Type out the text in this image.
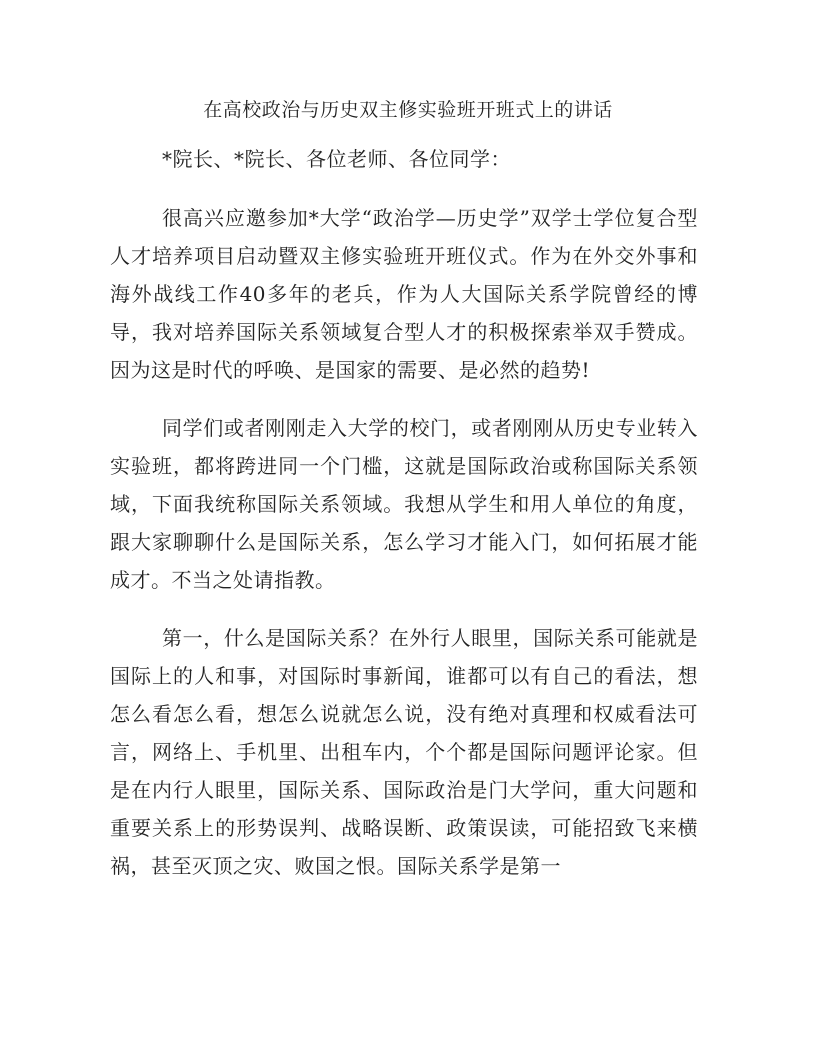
在高校政治与历史双主修实验班开班式上的讲话

*院长、*院长、各位老师、各位同学：

很高兴应邀参加*大学“政治学—历史学”双学士学位复合型人才培养项目启动暨双主修实验班开班仪式。作为在外交外事和海外战线工作40多年的老兵，作为人大国际关系学院曾经的博导，我对培养国际关系领域复合型人才的积极探索举双手赞成。因为这是时代的呼唤、是国家的需要、是必然的趋势!

同学们或者刚刚走入大学的校门，或者刚刚从历史专业转入实验班，都将跨进同一个门槛，这就是国际政治或称国际关系领域，下面我统称国际关系领域。我想从学生和用人单位的角度，跟大家聊聊什么是国际关系，怎么学习才能入门，如何拓展才能成才。不当之处请指教。

第一，什么是国际关系？在外行人眼里，国际关系可能就是国际上的人和事，对国际时事新闻，谁都可以有自己的看法，想怎么看怎么看，想怎么说就怎么说，没有绝对真理和权威看法可言，网络上、手机里、出租车内，个个都是国际问题评论家。但是在内行人眼里，国际关系、国际政治是门大学问，重大问题和重要关系上的形势误判、战略误断、政策误读，可能招致飞来横祸，甚至灭顶之灾、败国之恨。国际关系学是第一
